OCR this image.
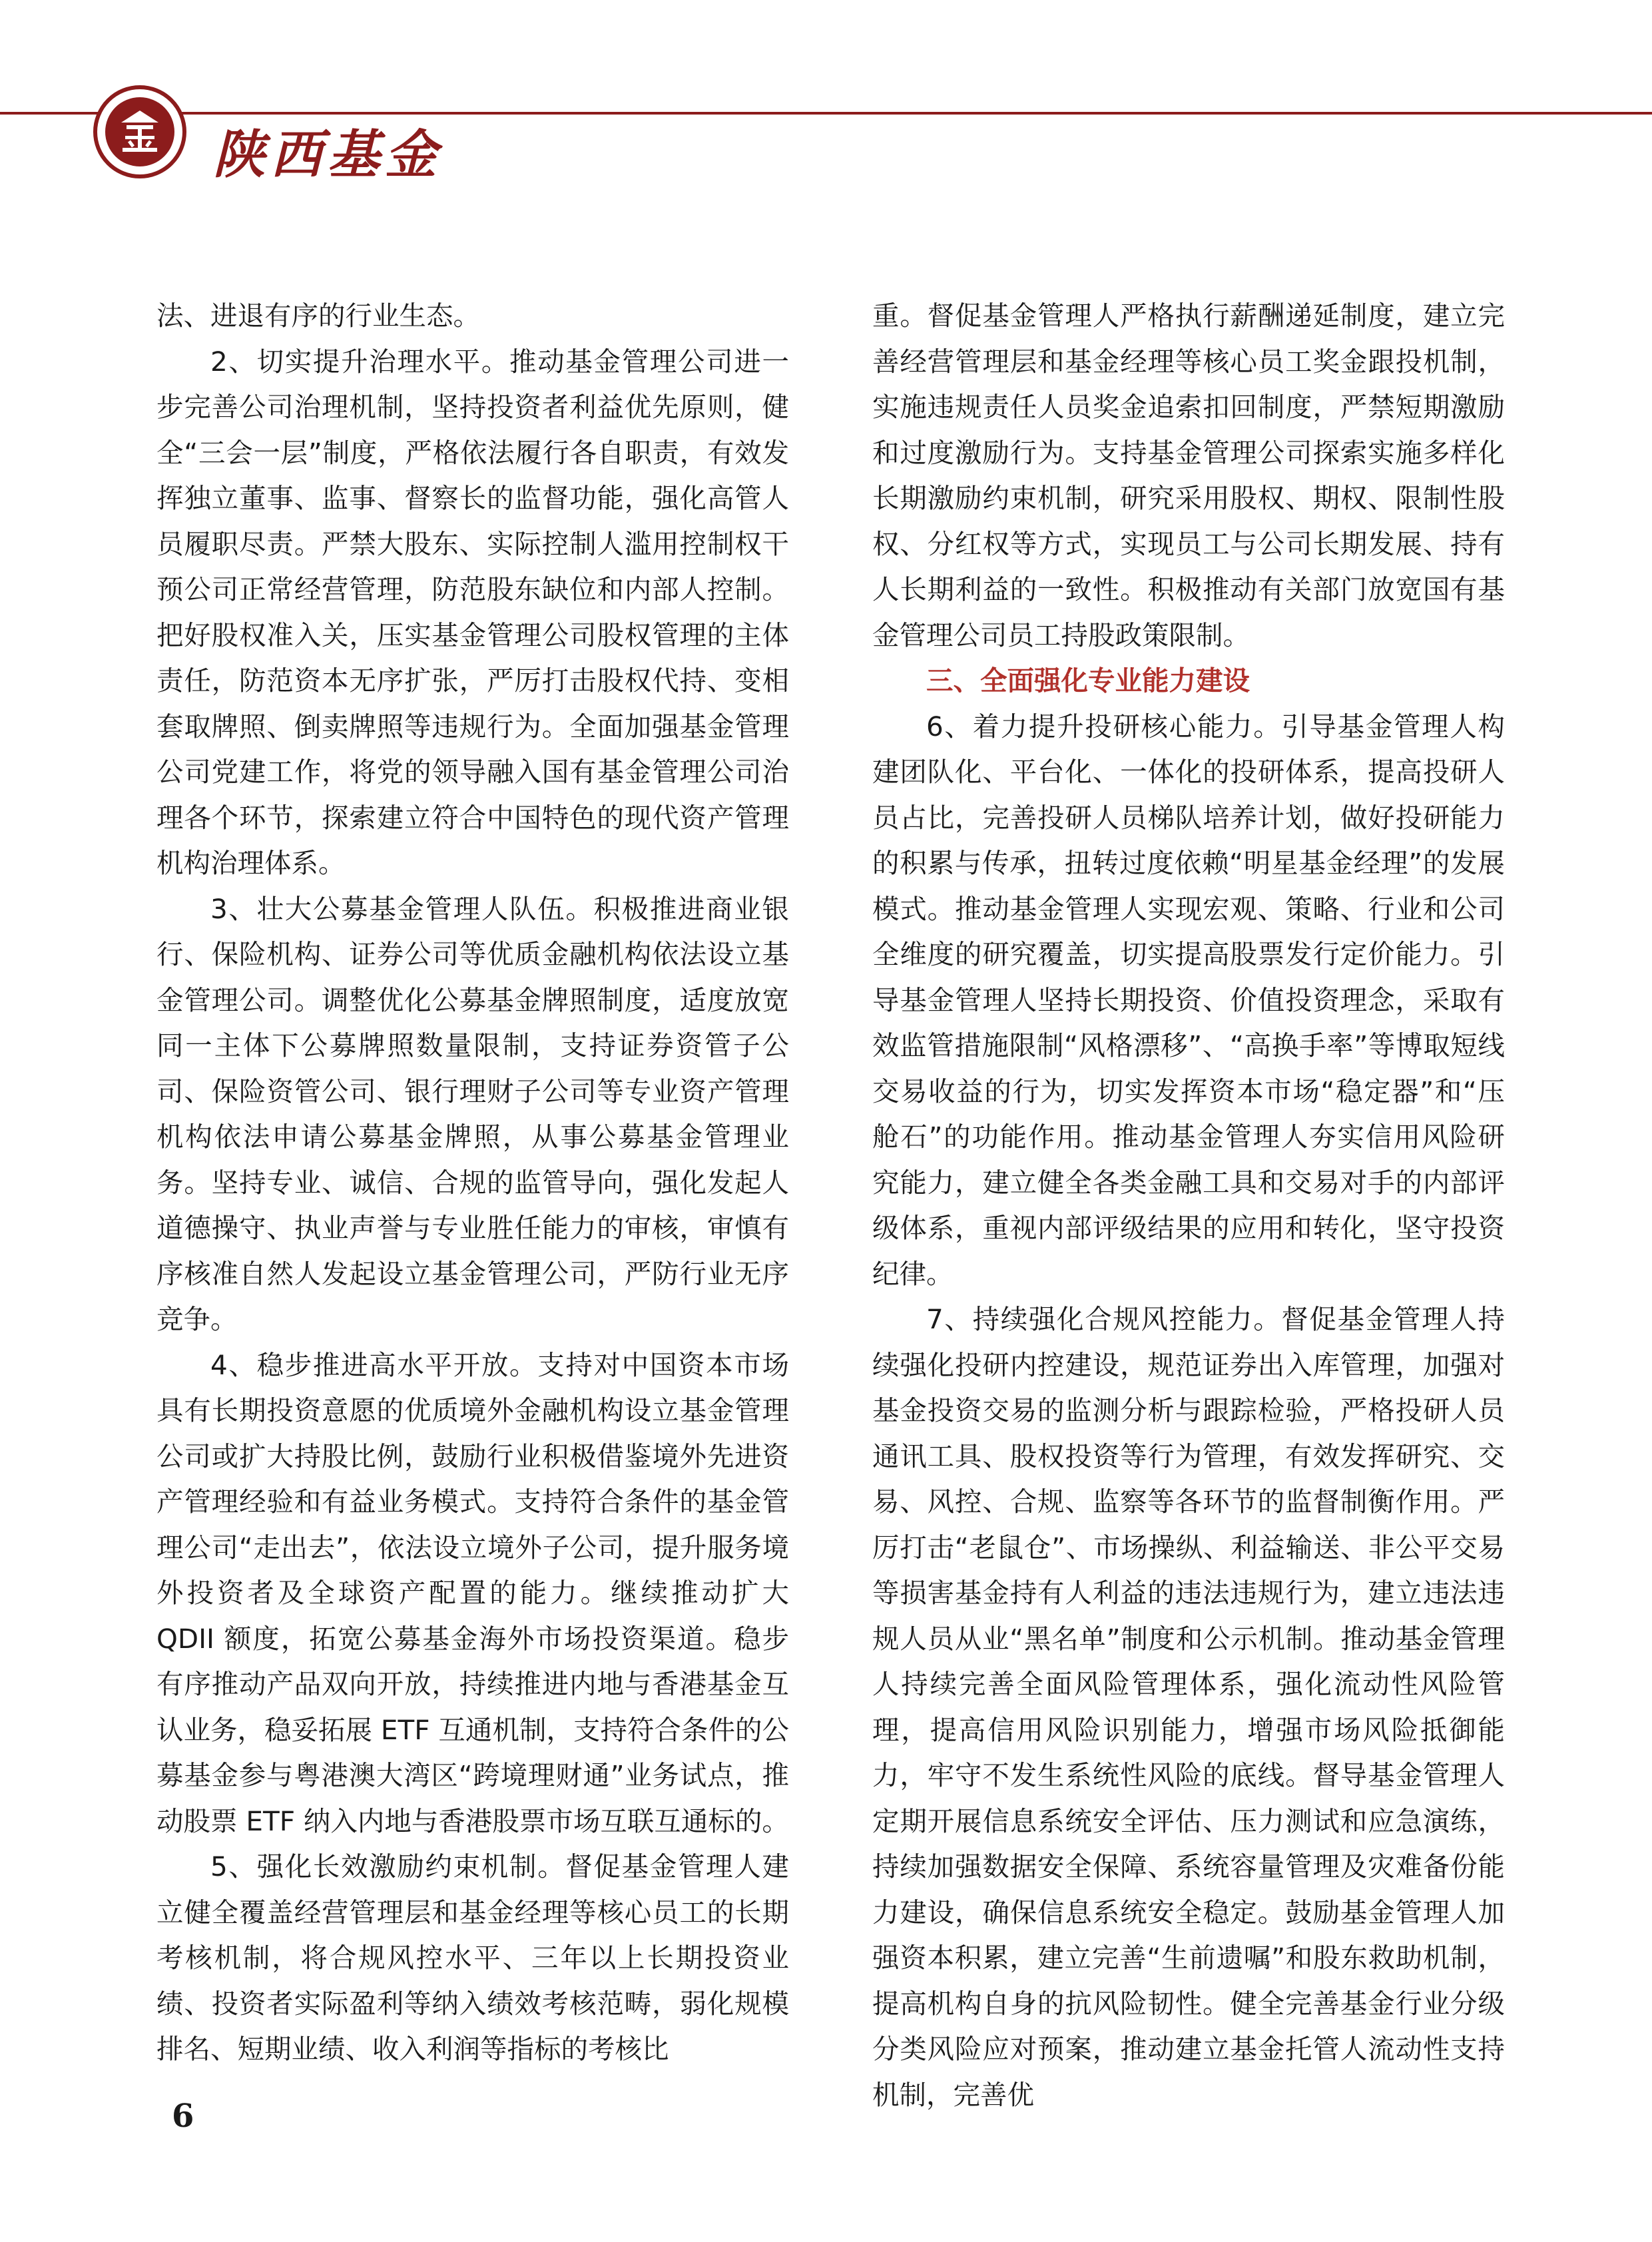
陕西基金

法、进退有序的行业生态。

2、切实提升治理水平。推动基金管理公司进一步完善公司治理机制，坚持投资者利益优先原则，健全“三会一层”制度，严格依法履行各自职责，有效发挥独立董事、监事、督察长的监督功能，强化高管人员履职尽责。严禁大股东、实际控制人滥用控制权干预公司正常经营管理，防范股东缺位和内部人控制。把好股权准入关，压实基金管理公司股权管理的主体责任，防范资本无序扩张，严厉打击股权代持、变相套取牌照、倒卖牌照等违规行为。全面加强基金管理公司党建工作，将党的领导融入国有基金管理公司治理各个环节，探索建立符合中国特色的现代资产管理机构治理体系。

3、壮大公募基金管理人队伍。积极推进商业银行、保险机构、证券公司等优质金融机构依法设立基金管理公司。调整优化公募基金牌照制度，适度放宽同一主体下公募牌照数量限制，支持证券资管子公司、保险资管公司、银行理财子公司等专业资产管理机构依法申请公募基金牌照，从事公募基金管理业务。坚持专业、诚信、合规的监管导向，强化发起人道德操守、执业声誉与专业胜任能力的审核，审慎有序核准自然人发起设立基金管理公司，严防行业无序竞争。

4、稳步推进高水平开放。支持对中国资本市场具有长期投资意愿的优质境外金融机构设立基金管理公司或扩大持股比例，鼓励行业积极借鉴境外先进资产管理经验和有益业务模式。支持符合条件的基金管理公司“走出去”，依法设立境外子公司，提升服务境外投资者及全球资产配置的能力。继续推动扩大 QDII 额度，拓宽公募基金海外市场投资渠道。稳步有序推动产品双向开放，持续推进内地与香港基金互认业务，稳妥拓展 ETF 互通机制，支持符合条件的公募基金参与粤港澳大湾区“跨境理财通”业务试点，推动股票 ETF 纳入内地与香港股票市场互联互通标的。

5、强化长效激励约束机制。督促基金管理人建立健全覆盖经营管理层和基金经理等核心员工的长期考核机制，将合规风控水平、三年以上长期投资业绩、投资者实际盈利等纳入绩效考核范畴，弱化规模排名、短期业绩、收入利润等指标的考核比

重。督促基金管理人严格执行薪酬递延制度，建立完善经营管理层和基金经理等核心员工奖金跟投机制，实施违规责任人员奖金追索扣回制度，严禁短期激励和过度激励行为。支持基金管理公司探索实施多样化长期激励约束机制，研究采用股权、期权、限制性股权、分红权等方式，实现员工与公司长期发展、持有人长期利益的一致性。积极推动有关部门放宽国有基金管理公司员工持股政策限制。

三、全面强化专业能力建设

6、着力提升投研核心能力。引导基金管理人构建团队化、平台化、一体化的投研体系，提高投研人员占比，完善投研人员梯队培养计划，做好投研能力的积累与传承，扭转过度依赖“明星基金经理”的发展模式。推动基金管理人实现宏观、策略、行业和公司全维度的研究覆盖，切实提高股票发行定价能力。引导基金管理人坚持长期投资、价值投资理念，采取有效监管措施限制“风格漂移”、“高换手率”等博取短线交易收益的行为，切实发挥资本市场“稳定器”和“压舱石”的功能作用。推动基金管理人夯实信用风险研究能力，建立健全各类金融工具和交易对手的内部评级体系，重视内部评级结果的应用和转化，坚守投资纪律。

7、持续强化合规风控能力。督促基金管理人持续强化投研内控建设，规范证券出入库管理，加强对基金投资交易的监测分析与跟踪检验，严格投研人员通讯工具、股权投资等行为管理，有效发挥研究、交易、风控、合规、监察等各环节的监督制衡作用。严厉打击“老鼠仓”、市场操纵、利益输送、非公平交易等损害基金持有人利益的违法违规行为，建立违法违规人员从业“黑名单”制度和公示机制。推动基金管理人持续完善全面风险管理体系，强化流动性风险管理，提高信用风险识别能力，增强市场风险抵御能力，牢守不发生系统性风险的底线。督导基金管理人定期开展信息系统安全评估、压力测试和应急演练，持续加强数据安全保障、系统容量管理及灾难备份能力建设，确保信息系统安全稳定。鼓励基金管理人加强资本积累，建立完善“生前遗嘱”和股东救助机制，提高机构自身的抗风险韧性。健全完善基金行业分级分类风险应对预案，推动建立基金托管人流动性支持机制，完善优

6
